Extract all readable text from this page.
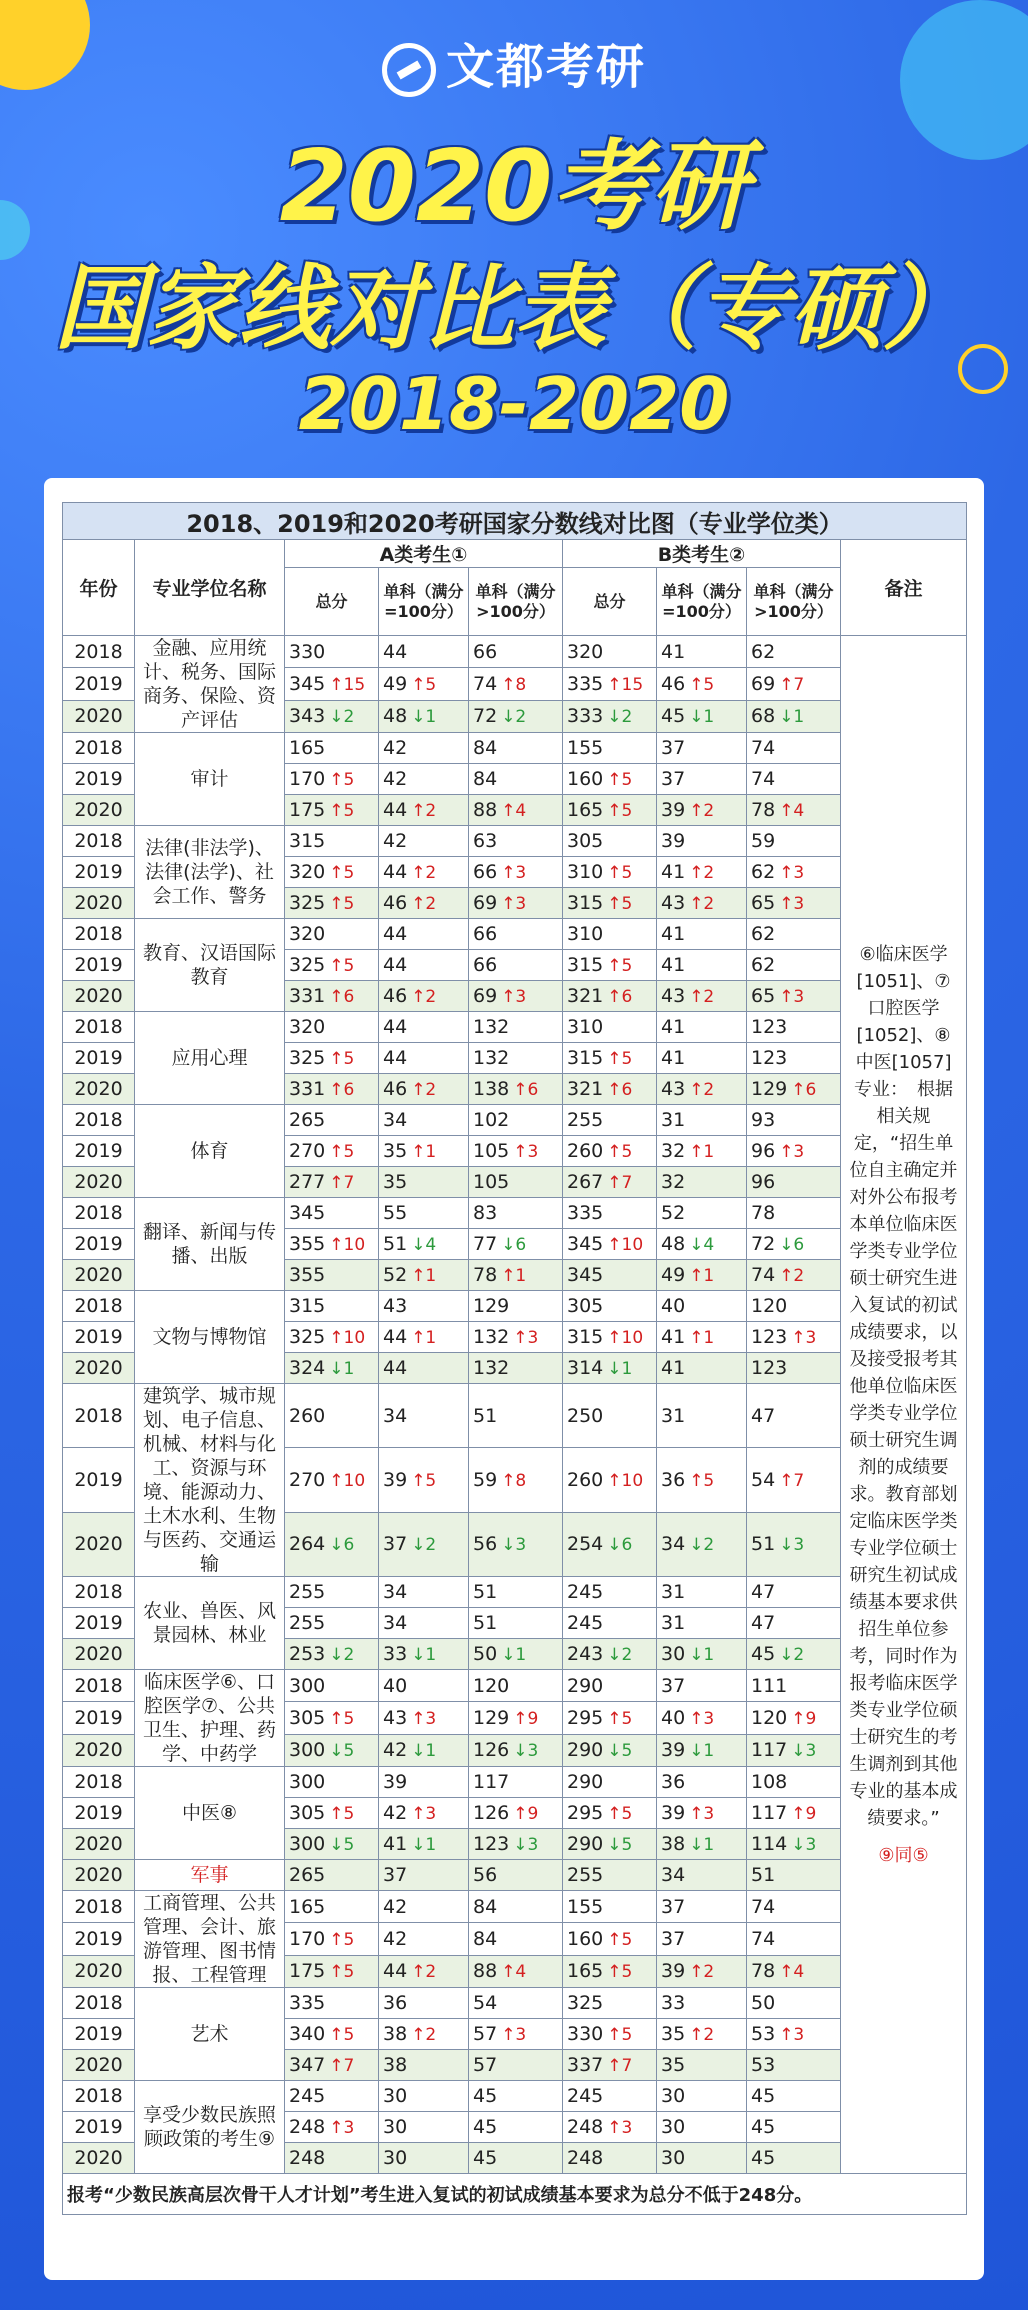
文都考研
2020考研
国家线对比表（专硕）
2018-2020
2018、2019和2020考研国家分数线对比图（专业学位类）								
年份	专业学位名称	A类考生①			B类考生②			备注
		总分	单科（满分=100分）	单科（满分>100分）	总分	单科（满分=100分）	单科（满分>100分）	
2018	金融、应用统计、税务、国际商务、保险、资产评估	330	44	66	320	41	62	⑥临床医学[1051]、⑦口腔医学[1052]、⑧中医[1057]专业：　根据相关规定，“招生单位自主确定并对外公布报考本单位临床医学类专业学位硕士研究生进入复试的初试成绩要求，以及接受报考其他单位临床医学类专业学位硕士研究生调剂的成绩要求。教育部划定临床医学类专业学位硕士研究生初试成绩基本要求供招生单位参考，同时作为报考临床医学类专业学位硕士研究生的考生调剂到其他专业的基本成绩要求。”
⑨同⑤

2019		345 ↑15	49 ↑5	74 ↑8	335 ↑15	46 ↑5	69 ↑7	
2020		343 ↓2	48 ↓1	72 ↓2	333 ↓2	45 ↓1	68 ↓1	
2018	审计	165	42	84	155	37	74	
2019		170 ↑5	42	84	160 ↑5	37	74	
2020		175 ↑5	44 ↑2	88 ↑4	165 ↑5	39 ↑2	78 ↑4	
2018	法律(非法学)、法律(法学)、社会工作、警务	315	42	63	305	39	59	
2019		320 ↑5	44 ↑2	66 ↑3	310 ↑5	41 ↑2	62 ↑3	
2020		325 ↑5	46 ↑2	69 ↑3	315 ↑5	43 ↑2	65 ↑3	
2018	教育、汉语国际教育	320	44	66	310	41	62	
2019		325 ↑5	44	66	315 ↑5	41	62	
2020		331 ↑6	46 ↑2	69 ↑3	321 ↑6	43 ↑2	65 ↑3	
2018	应用心理	320	44	132	310	41	123	
2019		325 ↑5	44	132	315 ↑5	41	123	
2020		331 ↑6	46 ↑2	138 ↑6	321 ↑6	43 ↑2	129 ↑6	
2018	体育	265	34	102	255	31	93	
2019		270 ↑5	35 ↑1	105 ↑3	260 ↑5	32 ↑1	96 ↑3	
2020		277 ↑7	35	105	267 ↑7	32	96	
2018	翻译、新闻与传播、出版	345	55	83	335	52	78	
2019		355 ↑10	51 ↓4	77 ↓6	345 ↑10	48 ↓4	72 ↓6	
2020		355	52 ↑1	78 ↑1	345	49 ↑1	74 ↑2	
2018	文物与博物馆	315	43	129	305	40	120	
2019		325 ↑10	44 ↑1	132 ↑3	315 ↑10	41 ↑1	123 ↑3	
2020		324 ↓1	44	132	314 ↓1	41	123	
2018	建筑学、城市规划、电子信息、机械、材料与化工、资源与环境、能源动力、土木水利、生物与医药、交通运输	260	34	51	250	31	47	
2019		270 ↑10	39 ↑5	59 ↑8	260 ↑10	36 ↑5	54 ↑7	
2020		264 ↓6	37 ↓2	56 ↓3	254 ↓6	34 ↓2	51 ↓3	
2018	农业、兽医、风景园林、林业	255	34	51	245	31	47	
2019		255	34	51	245	31	47	
2020		253 ↓2	33 ↓1	50 ↓1	243 ↓2	30 ↓1	45 ↓2	
2018	临床医学⑥、口腔医学⑦、公共卫生、护理、药学、中药学	300	40	120	290	37	111	
2019		305 ↑5	43 ↑3	129 ↑9	295 ↑5	40 ↑3	120 ↑9	
2020		300 ↓5	42 ↓1	126 ↓3	290 ↓5	39 ↓1	117 ↓3	
2018	中医⑧	300	39	117	290	36	108	
2019		305 ↑5	42 ↑3	126 ↑9	295 ↑5	39 ↑3	117 ↑9	
2020		300 ↓5	41 ↓1	123 ↓3	290 ↓5	38 ↓1	114 ↓3	
2020	军事	265	37	56	255	34	51	
2018	工商管理、公共管理、会计、旅游管理、图书情报、工程管理	165	42	84	155	37	74	
2019		170 ↑5	42	84	160 ↑5	37	74	
2020		175 ↑5	44 ↑2	88 ↑4	165 ↑5	39 ↑2	78 ↑4	
2018	艺术	335	36	54	325	33	50	
2019		340 ↑5	38 ↑2	57 ↑3	330 ↑5	35 ↑2	53 ↑3	
2020		347 ↑7	38	57	337 ↑7	35	53	
2018	享受少数民族照顾政策的考生⑨	245	30	45	245	30	45	
2019		248 ↑3	30	45	248 ↑3	30	45	
2020		248	30	45	248	30	45	
报考“少数民族高层次骨干人才计划”考生进入复试的初试成绩基本要求为总分不低于248分。								
